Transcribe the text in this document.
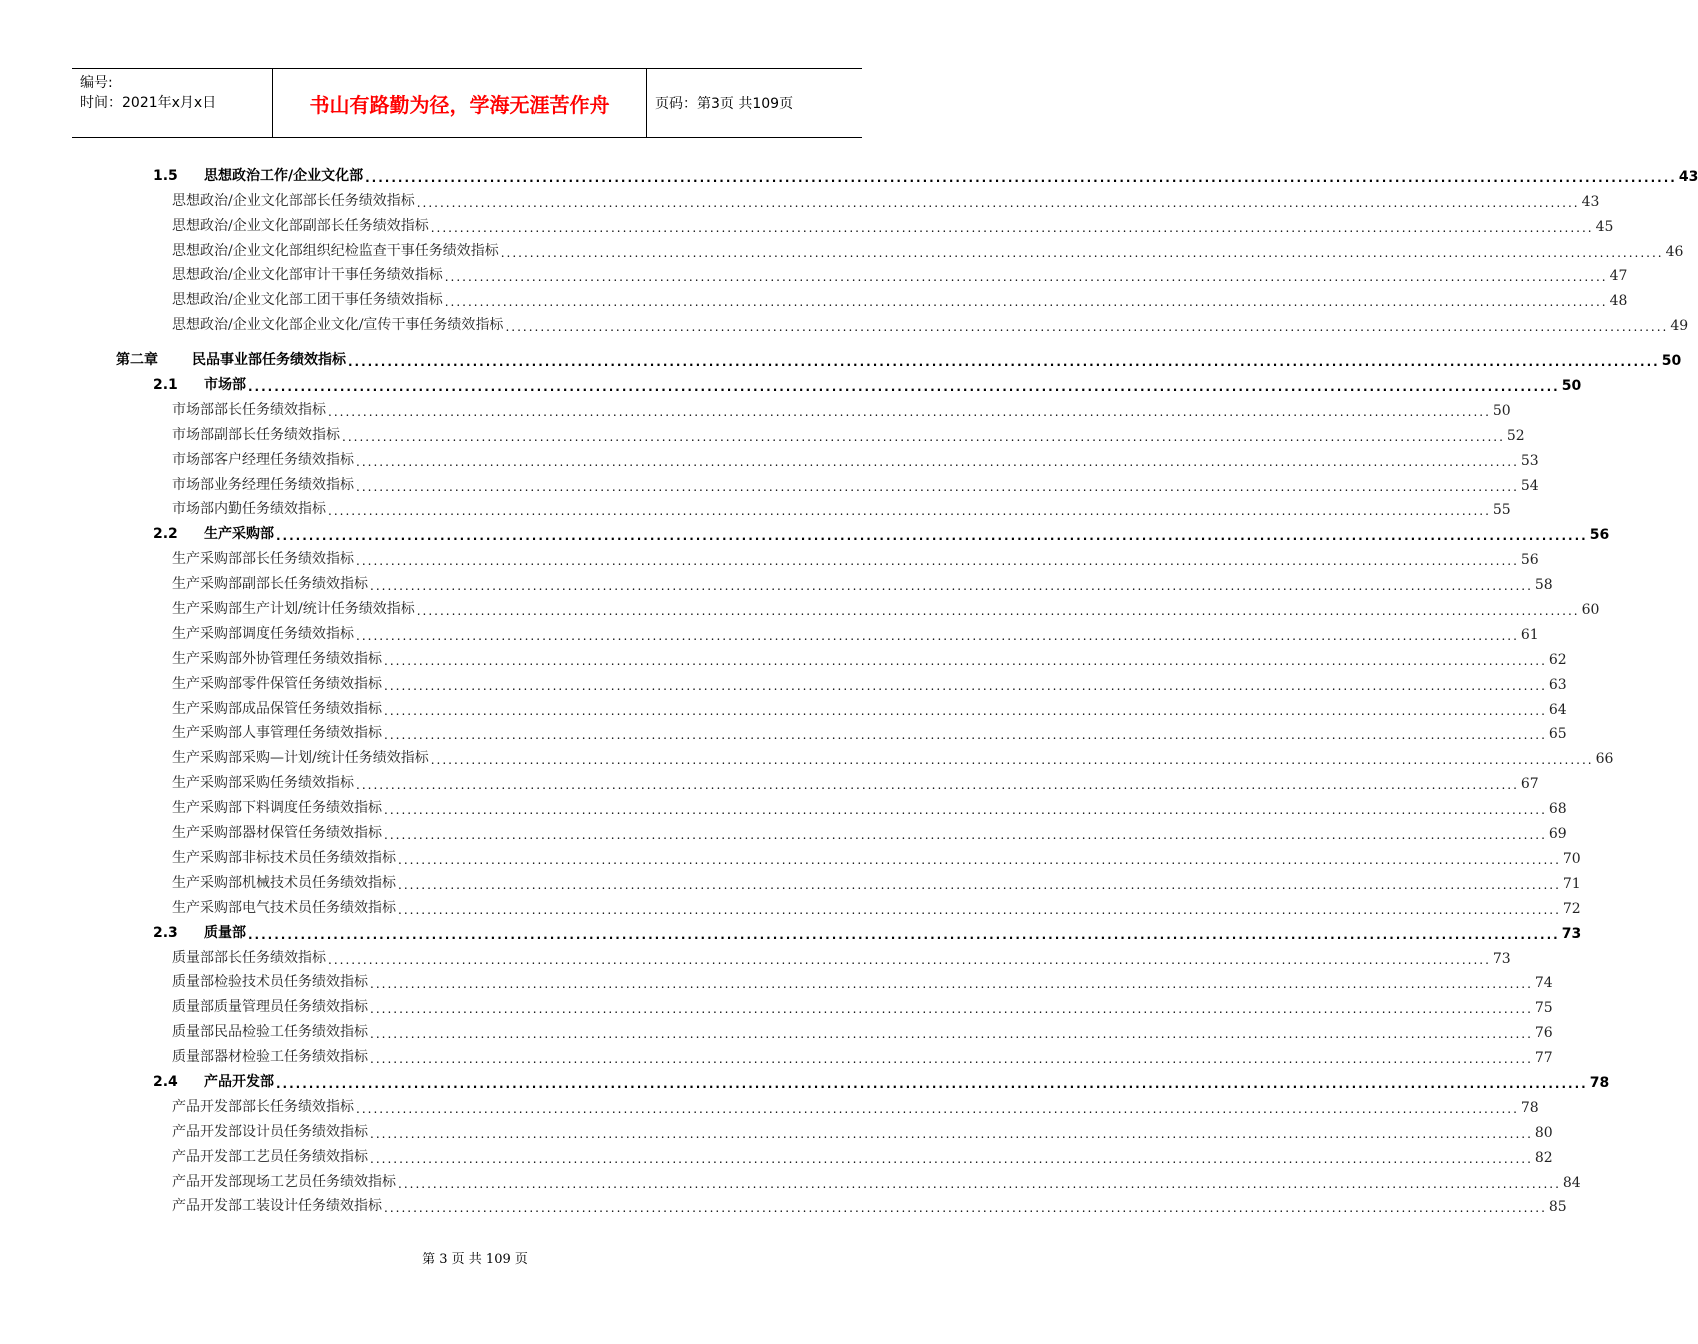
编号:
时间：2021年x月x日	书山有路勤为径，学海无涯苦作舟	页码：第3页 共109页
1.5 思想政治工作/企业文化部 ........................................................................................................................................................................................................ 43
思想政治/企业文化部部长任务绩效指标 ........................................................................................................................................................................................................ 43
思想政治/企业文化部副部长任务绩效指标 ........................................................................................................................................................................................................ 45
思想政治/企业文化部组织纪检监查干事任务绩效指标 ........................................................................................................................................................................................................ 46
思想政治/企业文化部审计干事任务绩效指标 ........................................................................................................................................................................................................ 47
思想政治/企业文化部工团干事任务绩效指标 ........................................................................................................................................................................................................ 48
思想政治/企业文化部企业文化/宣传干事任务绩效指标 ........................................................................................................................................................................................................ 49
第二章 民品事业部任务绩效指标 ........................................................................................................................................................................................................ 50
2.1 市场部 ........................................................................................................................................................................................................ 50
市场部部长任务绩效指标 ........................................................................................................................................................................................................ 50
市场部副部长任务绩效指标 ........................................................................................................................................................................................................ 52
市场部客户经理任务绩效指标 ........................................................................................................................................................................................................ 53
市场部业务经理任务绩效指标 ........................................................................................................................................................................................................ 54
市场部内勤任务绩效指标 ........................................................................................................................................................................................................ 55
2.2 生产采购部 ........................................................................................................................................................................................................ 56
生产采购部部长任务绩效指标 ........................................................................................................................................................................................................ 56
生产采购部副部长任务绩效指标 ........................................................................................................................................................................................................ 58
生产采购部生产计划/统计任务绩效指标 ........................................................................................................................................................................................................ 60
生产采购部调度任务绩效指标 ........................................................................................................................................................................................................ 61
生产采购部外协管理任务绩效指标 ........................................................................................................................................................................................................ 62
生产采购部零件保管任务绩效指标 ........................................................................................................................................................................................................ 63
生产采购部成品保管任务绩效指标 ........................................................................................................................................................................................................ 64
生产采购部人事管理任务绩效指标 ........................................................................................................................................................................................................ 65
生产采购部采购—计划/统计任务绩效指标 ........................................................................................................................................................................................................ 66
生产采购部采购任务绩效指标 ........................................................................................................................................................................................................ 67
生产采购部下料调度任务绩效指标 ........................................................................................................................................................................................................ 68
生产采购部器材保管任务绩效指标 ........................................................................................................................................................................................................ 69
生产采购部非标技术员任务绩效指标 ........................................................................................................................................................................................................ 70
生产采购部机械技术员任务绩效指标 ........................................................................................................................................................................................................ 71
生产采购部电气技术员任务绩效指标 ........................................................................................................................................................................................................ 72
2.3 质量部 ........................................................................................................................................................................................................ 73
质量部部长任务绩效指标 ........................................................................................................................................................................................................ 73
质量部检验技术员任务绩效指标 ........................................................................................................................................................................................................ 74
质量部质量管理员任务绩效指标 ........................................................................................................................................................................................................ 75
质量部民品检验工任务绩效指标 ........................................................................................................................................................................................................ 76
质量部器材检验工任务绩效指标 ........................................................................................................................................................................................................ 77
2.4 产品开发部 ........................................................................................................................................................................................................ 78
产品开发部部长任务绩效指标 ........................................................................................................................................................................................................ 78
产品开发部设计员任务绩效指标 ........................................................................................................................................................................................................ 80
产品开发部工艺员任务绩效指标 ........................................................................................................................................................................................................ 82
产品开发部现场工艺员任务绩效指标 ........................................................................................................................................................................................................ 84
产品开发部工装设计任务绩效指标 ........................................................................................................................................................................................................ 85
第 3 页 共 109 页
